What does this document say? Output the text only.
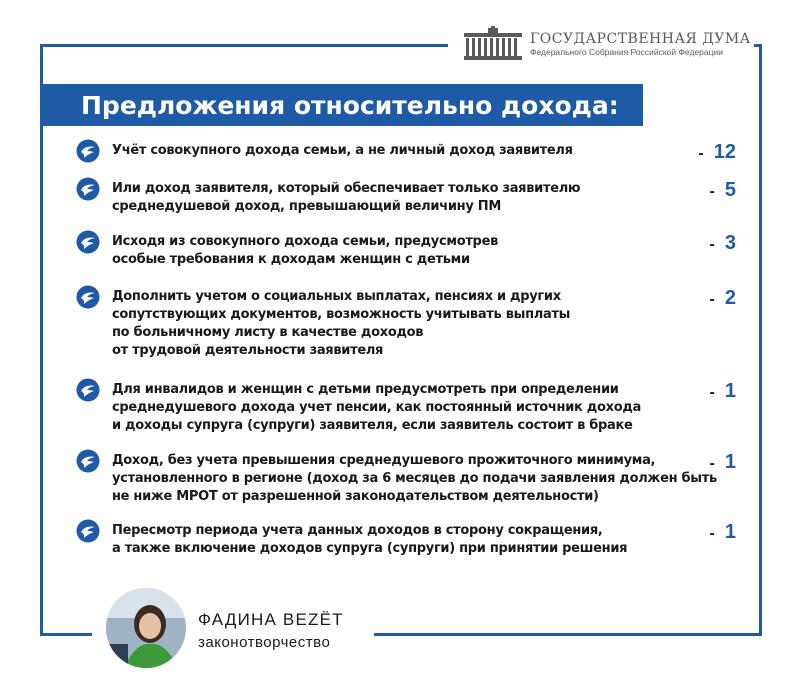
ГОСУДАРСТВЕННАЯ ДУМА
Федерального Собрания Российской Федерации
Предложения относительно дохода:
Учёт совокупного дохода семьи, а не личный доход заявителя	- 12
Или доход заявителя, который обеспечивает только заявителю
среднедушевой доход, превышающий величину ПМ
- 5
Исходя из совокупного дохода семьи, предусмотрев
особые требования к доходам женщин с детьми
- 3
Дополнить учетом о социальных выплатах, пенсиях и других
сопутствующих документов, возможность учитывать выплаты
по больничному листу в качестве доходов
от трудовой деятельности заявителя
- 2
Для инвалидов и женщин с детьми предусмотреть при определении
среднедушевого дохода учет пенсии, как постоянный источник дохода
и доходы супруга (супруги) заявителя, если заявитель состоит в браке
- 1
Доход, без учета превышения среднедушевого прожиточного минимума,
установленного в регионе (доход за 6 месяцев до подачи заявления должен быть
не ниже МРОТ от разрешенной законодательством деятельности)
- 1
Пересмотр периода учета данных доходов в сторону сокращения,
а также включение доходов супруга (супруги) при принятии решения
- 1
ФАДИНА ВЕZЁТ
законотворчество
